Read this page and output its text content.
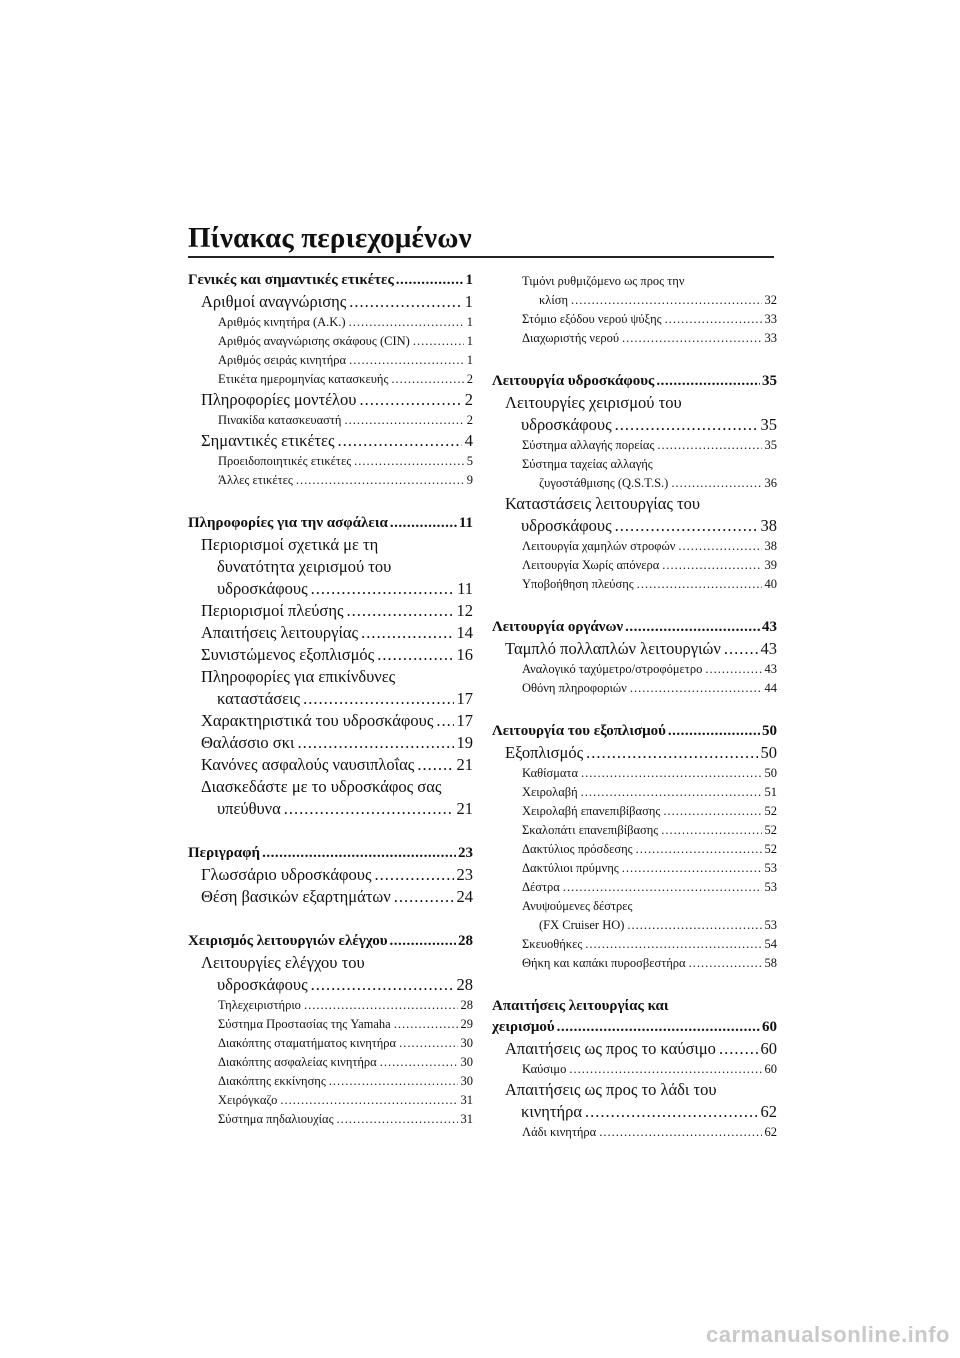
Πίνακας περιεχομένων
Γενικές και σημαντικές ετικέτες .....	1
Αριθμοί αναγνώρισης .....	1
Αριθμός κινητήρα (A.K.) .....	1
Αριθμός αναγνώρισης σκάφους (CIN) .....	1
Αριθμός σειράς κινητήρα .....	1
Ετικέτα ημερομηνίας κατασκευής .....	2
Πληροφορίες μοντέλου .....	2
Πινακίδα κατασκευαστή .....	2
Σημαντικές ετικέτες .....	4
Προειδοποιητικές ετικέτες .....	5
Άλλες ετικέτες .....	9
Πληροφορίες για την ασφάλεια .....	11
Περιορισμοί σχετικά με τη
δυνατότητα χειρισμού του
υδροσκάφους .....	11
Περιορισμοί πλεύσης .....	12
Απαιτήσεις λειτουργίας .....	14
Συνιστώμενος εξοπλισμός .....	16
Πληροφορίες για επικίνδυνες
καταστάσεις .....	17
Χαρακτηριστικά του υδροσκάφους ..... 17
Θαλάσσιο σκι .....	19
Κανόνες ασφαλούς ναυσιπλοΐας .....	21
Διασκεδάστε με το υδροσκάφος σας
υπεύθυνα .....	21
Περιγραφή .....	23
Γλωσσάριο υδροσκάφους .....	23
Θέση βασικών εξαρτημάτων .....	24
Χειρισμός λειτουργιών ελέγχου .....	28
Λειτουργίες ελέγχου του
υδροσκάφους .....	28
Τηλεχειριστήριο .....	28
Σύστημα Προστασίας της Yamaha .....	29
Διακόπτης σταματήματος κινητήρα .....	30
Διακόπτης ασφαλείας κινητήρα .....	30
Διακόπτης εκκίνησης .....	30
Χειρόγκαζο .....	31
Σύστημα πηδαλιουχίας .....	31
Τιμόνι ρυθμιζόμενο ως προς την
κλίση .....	32
Στόμιο εξόδου νερού ψύξης .....	33
Διαχωριστής νερού .....	33
Λειτουργία υδροσκάφους .....	35
Λειτουργίες χειρισμού του
υδροσκάφους .....	35
Σύστημα αλλαγής πορείας .....	35
Σύστημα ταχείας αλλαγής
ζυγοστάθμισης (Q.S.T.S.) .....	36
Καταστάσεις λειτουργίας του
υδροσκάφους .....	38
Λειτουργία χαμηλών στροφών .....	38
Λειτουργία Χωρίς απόνερα .....	39
Υποβοήθηση πλεύσης .....	40
Λειτουργία οργάνων .....	43
Ταμπλό πολλαπλών λειτουργιών ..... 43
Αναλογικό ταχύμετρο/στροφόμετρο .....	43
Οθόνη πληροφοριών .....	44
Λειτουργία του εξοπλισμού .....	50
Εξοπλισμός .....	50
Καθίσματα .....	50
Χειρολαβή .....	51
Χειρολαβή επανεπιβίβασης .....	52
Σκαλοπάτι επανεπιβίβασης .....	52
Δακτύλιος πρόσδεσης .....	52
Δακτύλιοι πρύμνης .....	53
Δέστρα .....	53
Ανυψούμενες δέστρες
(FX Cruiser HO) .....	53
Σκευοθήκες .....	54
Θήκη και καπάκι πυροσβεστήρα .....	58
Απαιτήσεις λειτουργίας και
χειρισμού .....	60
Απαιτήσεις ως προς το καύσιμο .....	60
Καύσιμο .....	60
Απαιτήσεις ως προς το λάδι του
κινητήρα .....	62
Λάδι κινητήρα .....	62
carmanualsonline.info
